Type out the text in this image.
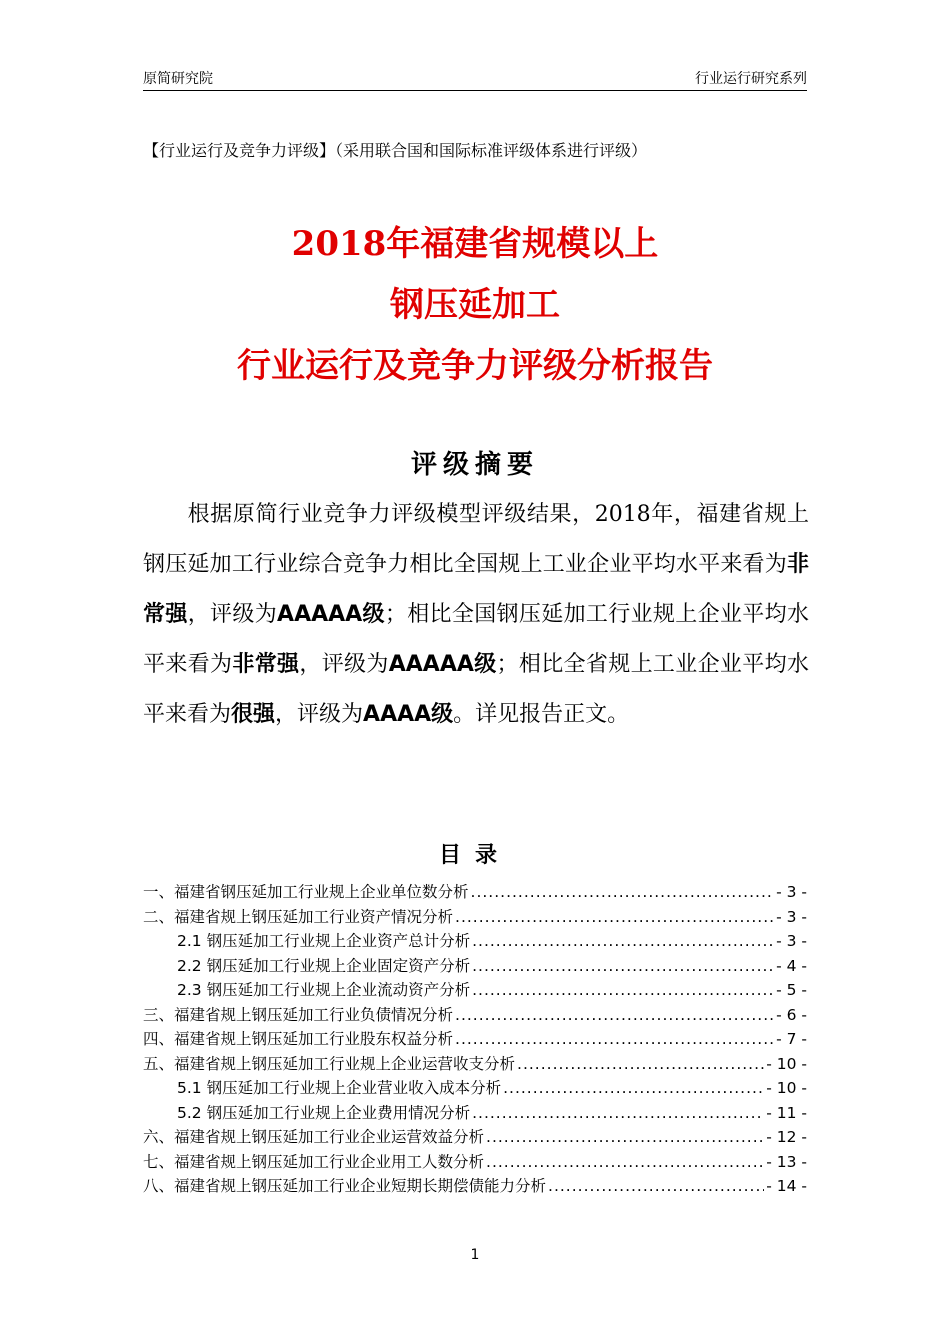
原简研究院	行业运行研究系列
【行业运行及竞争力评级】（采用联合国和国际标准评级体系进行评级）
2018年福建省规模以上
钢压延加工
行业运行及竞争力评级分析报告
评级摘要
根据原简行业竞争力评级模型评级结果，2018年，福建省规上钢压延加工行业综合竞争力相比全国规上工业企业平均水平来看为非常强，评级为AAAAA级；相比全国钢压延加工行业规上企业平均水平来看为非常强，评级为AAAAA级；相比全省规上工业企业平均水平来看为很强，评级为AAAA级。详见报告正文。
目录
一、福建省钢压延加工行业规上企业单位数分析 .....	- 3 -
二、福建省规上钢压延加工行业资产情况分析 .....	- 3 -
2.1 钢压延加工行业规上企业资产总计分析 .....	- 3 -
2.2 钢压延加工行业规上企业固定资产分析 .....	- 4 -
2.3 钢压延加工行业规上企业流动资产分析 .....	- 5 -
三、福建省规上钢压延加工行业负债情况分析 .....	- 6 -
四、福建省规上钢压延加工行业股东权益分析 .....	- 7 -
五、福建省规上钢压延加工行业规上企业运营收支分析 .....	- 10 -
5.1 钢压延加工行业规上企业营业收入成本分析 .....	- 10 -
5.2 钢压延加工行业规上企业费用情况分析 .....	- 11 -
六、福建省规上钢压延加工行业企业运营效益分析 .....	- 12 -
七、福建省规上钢压延加工行业企业用工人数分析 .....	- 13 -
八、福建省规上钢压延加工行业企业短期长期偿债能力分析 .....	- 14 -
1
